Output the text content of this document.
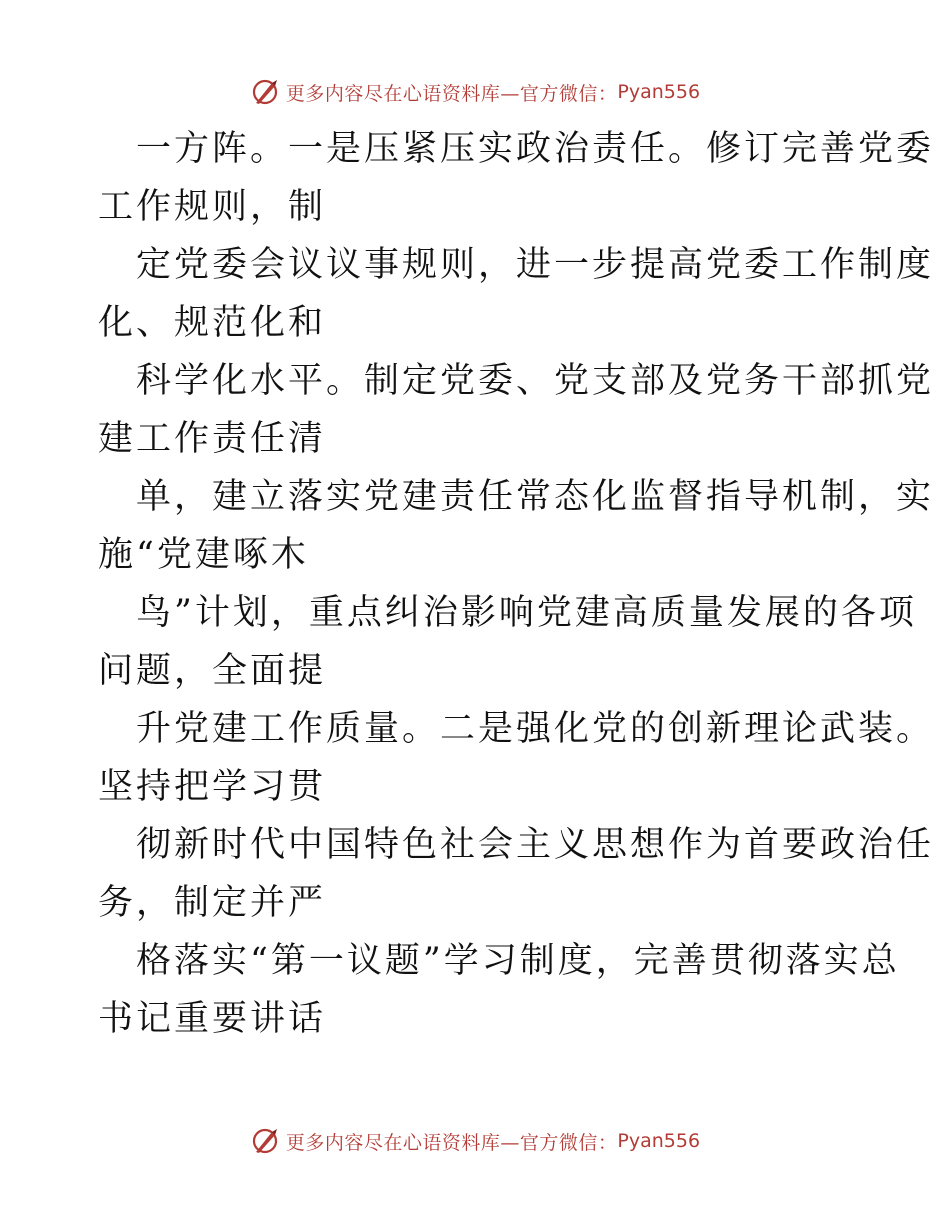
更多内容尽在心语资料库—官方微信： Pyan556
一方阵。一是压紧压实政治责任。修订完善党委
工作规则，制
定党委会议议事规则，进一步提高党委工作制度
化、规范化和
科学化水平。制定党委、党支部及党务干部抓党
建工作责任清
单，建立落实党建责任常态化监督指导机制，实
施“党建啄木
鸟”计划，重点纠治影响党建高质量发展的各项
问题，全面提
升党建工作质量。二是强化党的创新理论武装。
坚持把学习贯
彻新时代中国特色社会主义思想作为首要政治任
务，制定并严
格落实“第一议题”学习制度，完善贯彻落实总
书记重要讲话
更多内容尽在心语资料库—官方微信： Pyan556
